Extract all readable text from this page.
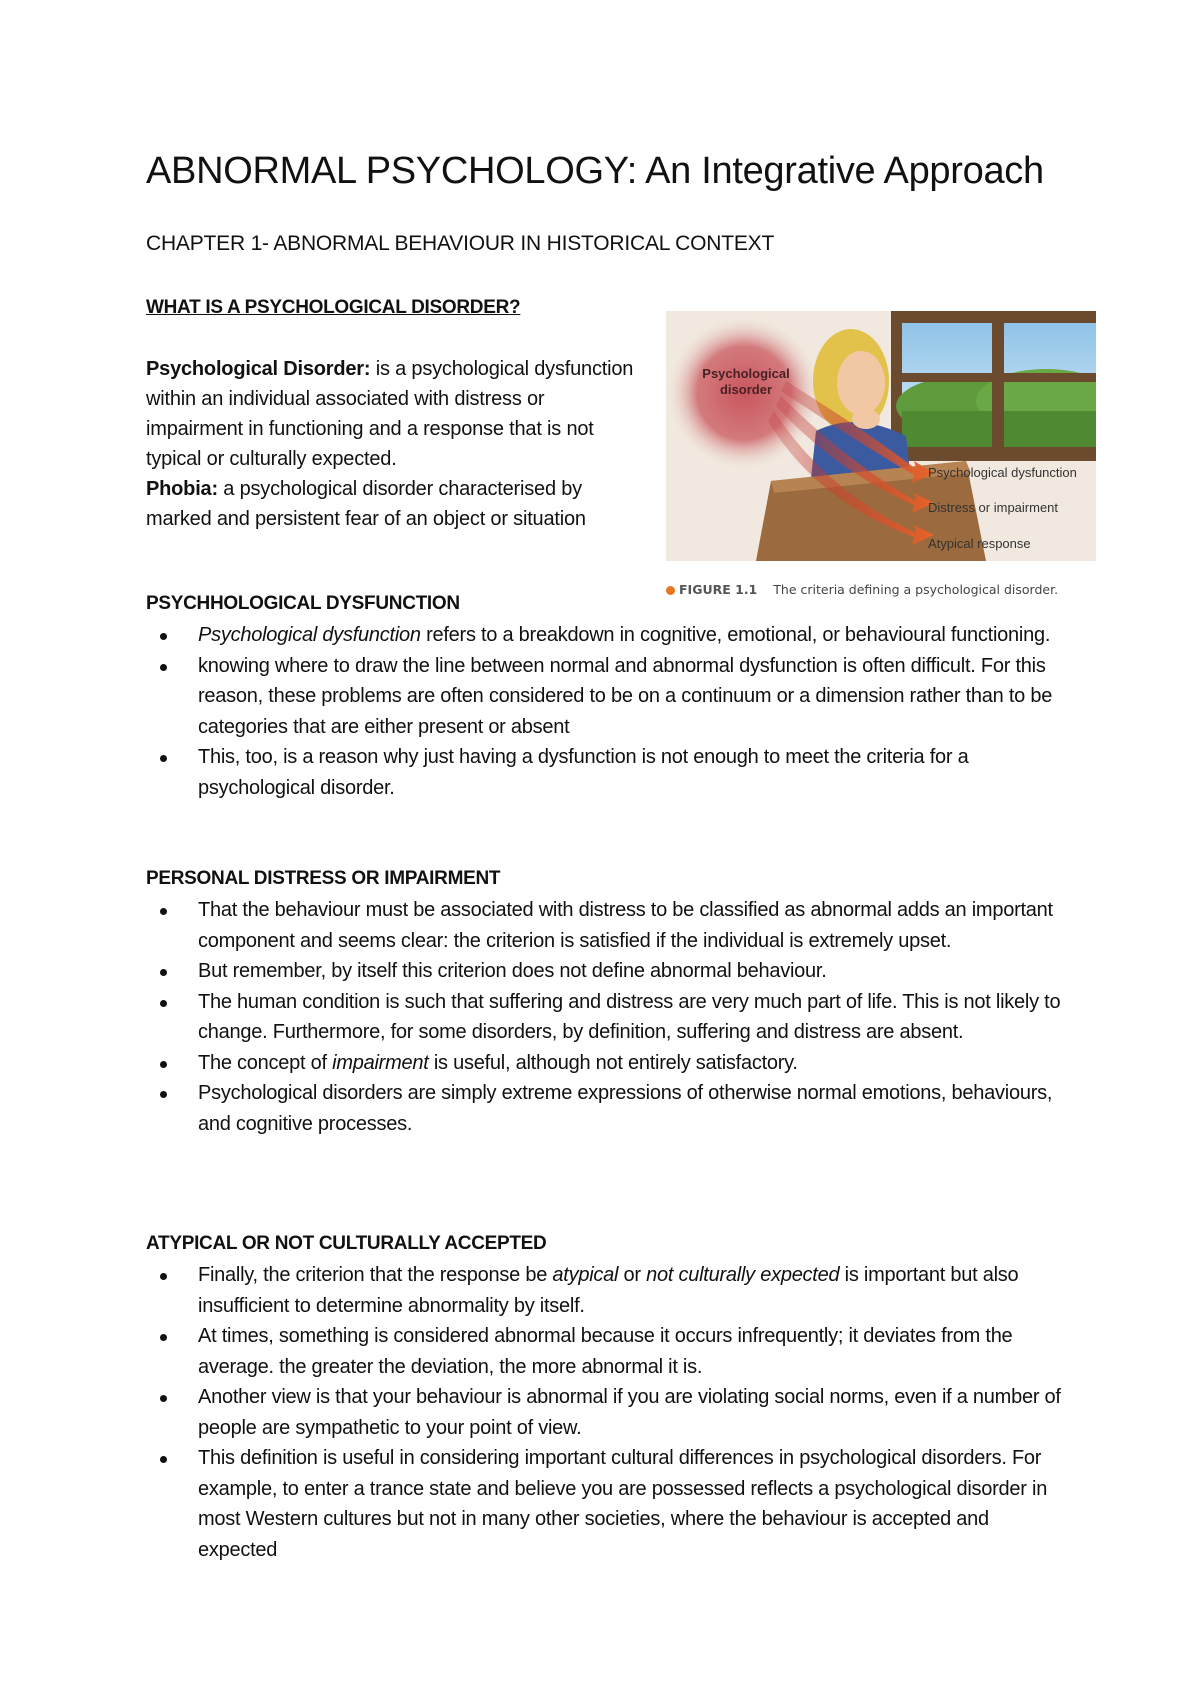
ABNORMAL PSYCHOLOGY: An Integrative Approach
CHAPTER 1- ABNORMAL BEHAVIOUR IN HISTORICAL CONTEXT
WHAT IS A PSYCHOLOGICAL DISORDER?

Psychological Disorder: is a psychological dysfunction within an individual associated with distress or impairment in functioning and a response that is not typical or culturally expected.

Phobia: a psychological disorder characterised by marked and persistent fear of an object or situation

Psychological
disorder
Psychological dysfunction
Distress or impairment
Atypical response
FIGURE 1.1 The criteria defining a psychological disorder.
PSYCHHOLOGICAL DYSFUNCTION
Psychological dysfunction refers to a breakdown in cognitive, emotional, or behavioural functioning.
knowing where to draw the line between normal and abnormal dysfunction is often difficult. For this reason, these problems are often considered to be on a continuum or a dimension rather than to be categories that are either present or absent
This, too, is a reason why just having a dysfunction is not enough to meet the criteria for a psychological disorder.
PERSONAL DISTRESS OR IMPAIRMENT
That the behaviour must be associated with distress to be classified as abnormal adds an important component and seems clear: the criterion is satisfied if the individual is extremely upset.
But remember, by itself this criterion does not define abnormal behaviour.
The human condition is such that suffering and distress are very much part of life. This is not likely to change. Furthermore, for some disorders, by definition, suffering and distress are absent.
The concept of impairment is useful, although not entirely satisfactory.
Psychological disorders are simply extreme expressions of otherwise normal emotions, behaviours, and cognitive processes.
ATYPICAL OR NOT CULTURALLY ACCEPTED
Finally, the criterion that the response be atypical or not culturally expected is important but also insufficient to determine abnormality by itself.
At times, something is considered abnormal because it occurs infrequently; it deviates from the average. the greater the deviation, the more abnormal it is.
Another view is that your behaviour is abnormal if you are violating social norms, even if a number of people are sympathetic to your point of view.
This definition is useful in considering important cultural differences in psychological disorders. For example, to enter a trance state and believe you are possessed reflects a psychological disorder in most Western cultures but not in many other societies, where the behaviour is accepted and expected
